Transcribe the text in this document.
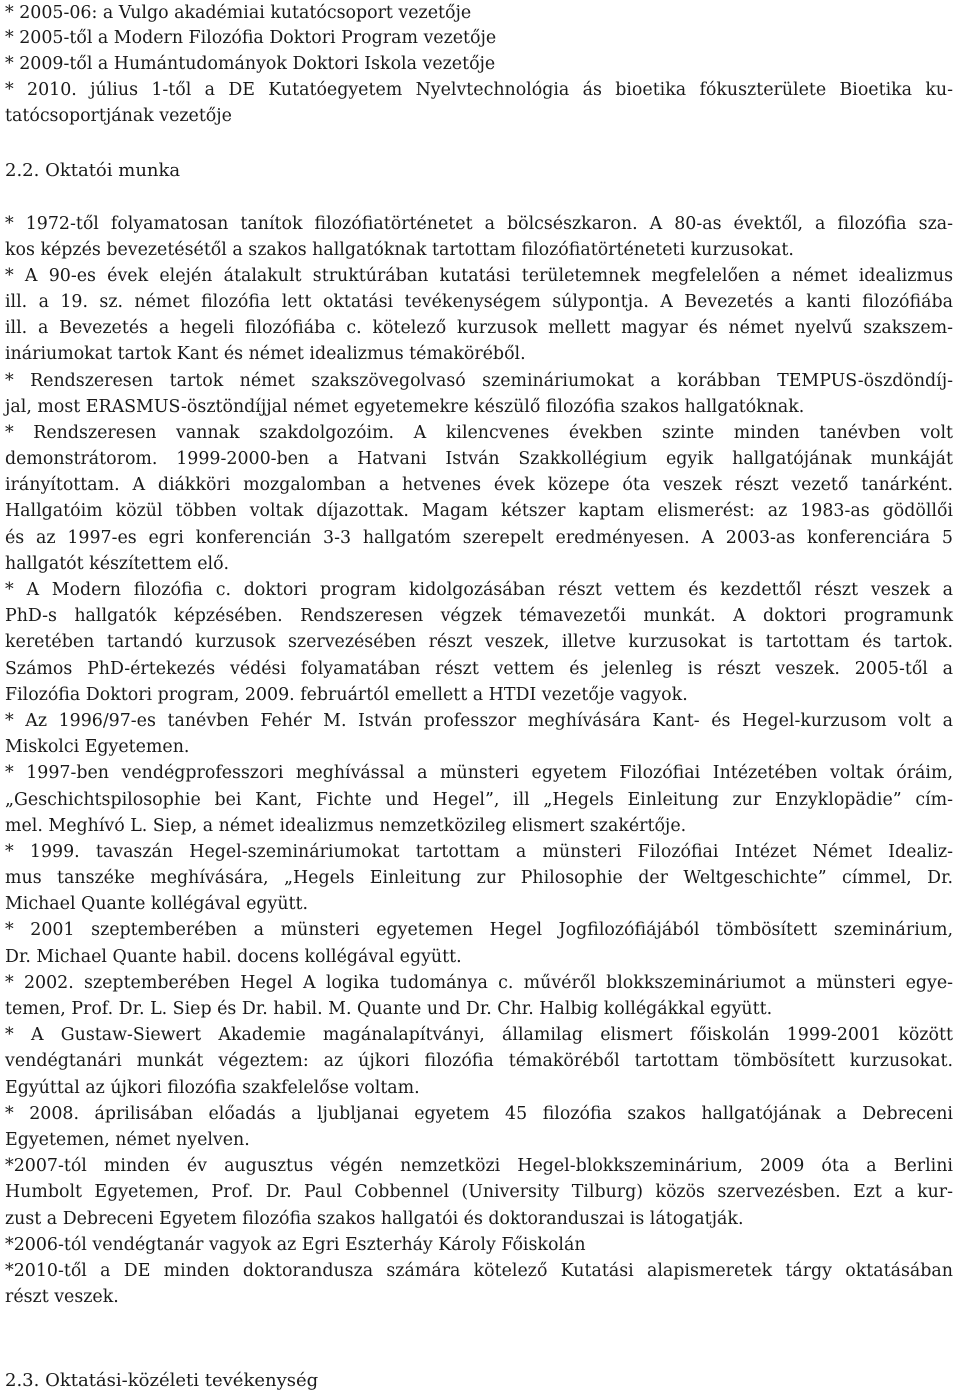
* 2005-06: a Vulgo akadémiai kutatócsoport vezetője
* 2005-től a Modern Filozófia Doktori Program vezetője
* 2009-től a Humántudományok Doktori Iskola vezetője
* 2010. július 1-től a DE Kutatóegyetem Nyelvtechnológia ás bioetika fókuszterülete Bioetika ku-
tatócsoportjának vezetője
2.2. Oktatói munka
* 1972-től folyamatosan tanítok filozófiatörténetet a bölcsészkaron. A 80-as évektől, a filozófia sza-
kos képzés bevezetésétől a szakos hallgatóknak tartottam filozófiatörténeteti kurzusokat.
* A 90-es évek elején átalakult struktúrában kutatási területemnek megfelelően a német idealizmus
ill. a 19. sz. német filozófia lett oktatási tevékenységem súlypontja. A Bevezetés a kanti filozófiába
ill. a Bevezetés a hegeli filozófiába c. kötelező kurzusok mellett magyar és német nyelvű szakszem-
ináriumokat tartok Kant és német idealizmus témaköréből.
* Rendszeresen tartok német szakszövegolvasó szemináriumokat a korábban TEMPUS-öszdöndíj-
jal, most ERASMUS-ösztöndíjjal német egyetemekre készülő filozófia szakos hallgatóknak.
* Rendszeresen vannak szakdolgozóim. A kilencvenes években szinte minden tanévben volt
demonstrátorom. 1999-2000-ben a Hatvani István Szakkollégium egyik hallgatójának munkáját
irányítottam. A diákköri mozgalomban a hetvenes évek közepe óta veszek részt vezető tanárként.
Hallgatóim közül többen voltak díjazottak. Magam kétszer kaptam elismerést: az 1983-as gödöllői
és az 1997-es egri konferencián 3-3 hallgatóm szerepelt eredményesen. A 2003-as konferenciára 5
hallgatót készítettem elő.
* A Modern filozófia c. doktori program kidolgozásában részt vettem és kezdettől részt veszek a
PhD-s hallgatók képzésében. Rendszeresen végzek témavezetői munkát. A doktori programunk
keretében tartandó kurzusok szervezésében részt veszek, illetve kurzusokat is tartottam és tartok.
Számos PhD-értekezés védési folyamatában részt vettem és jelenleg is részt veszek. 2005-től a
Filozófia Doktori program, 2009. februártól emellett a HTDI vezetője vagyok.
* Az 1996/97-es tanévben Fehér M. István professzor meghívására Kant- és Hegel-kurzusom volt a
Miskolci Egyetemen.
* 1997-ben vendégprofesszori meghívással a münsteri egyetem Filozófiai Intézetében voltak óráim,
„Geschichtspilosophie bei Kant, Fichte und Hegel”, ill „Hegels Einleitung zur Enzyklopädie” cím-
mel. Meghívó L. Siep, a német idealizmus nemzetközileg elismert szakértője.
* 1999. tavaszán Hegel-szemináriumokat tartottam a münsteri Filozófiai Intézet Német Idealiz-
mus tanszéke meghívására, „Hegels Einleitung zur Philosophie der Weltgeschichte” címmel, Dr.
Michael Quante kollégával együtt.
* 2001 szeptemberében a münsteri egyetemen Hegel Jogfilozófiájából tömbösített szeminárium,
Dr. Michael Quante habil. docens kollégával együtt.
* 2002. szeptemberében Hegel A logika tudománya c. művéről blokkszemináriumot a münsteri egye-
temen, Prof. Dr. L. Siep és Dr. habil. M. Quante und Dr. Chr. Halbig kollégákkal együtt.
* A Gustaw-Siewert Akademie magánalapítványi, államilag elismert főiskolán 1999-2001 között
vendégtanári munkát végeztem: az újkori filozófia témaköréből tartottam tömbösített kurzusokat.
Egyúttal az újkori filozófia szakfelelőse voltam.
* 2008. áprilisában előadás a ljubljanai egyetem 45 filozófia szakos hallgatójának a Debreceni
Egyetemen, német nyelven.
*2007-tól minden év augusztus végén nemzetközi Hegel-blokkszeminárium, 2009 óta a Berlini
Humbolt Egyetemen, Prof. Dr. Paul Cobbennel (University Tilburg) közös szervezésben. Ezt a kur-
zust a Debreceni Egyetem filozófia szakos hallgatói és doktoranduszai is látogatják.
*2006-tól vendégtanár vagyok az Egri Eszterháy Károly Főiskolán
*2010-től a DE minden doktorandusza számára kötelező Kutatási alapismeretek tárgy oktatásában
részt veszek.
2.3. Oktatási-közéleti tevékenység
